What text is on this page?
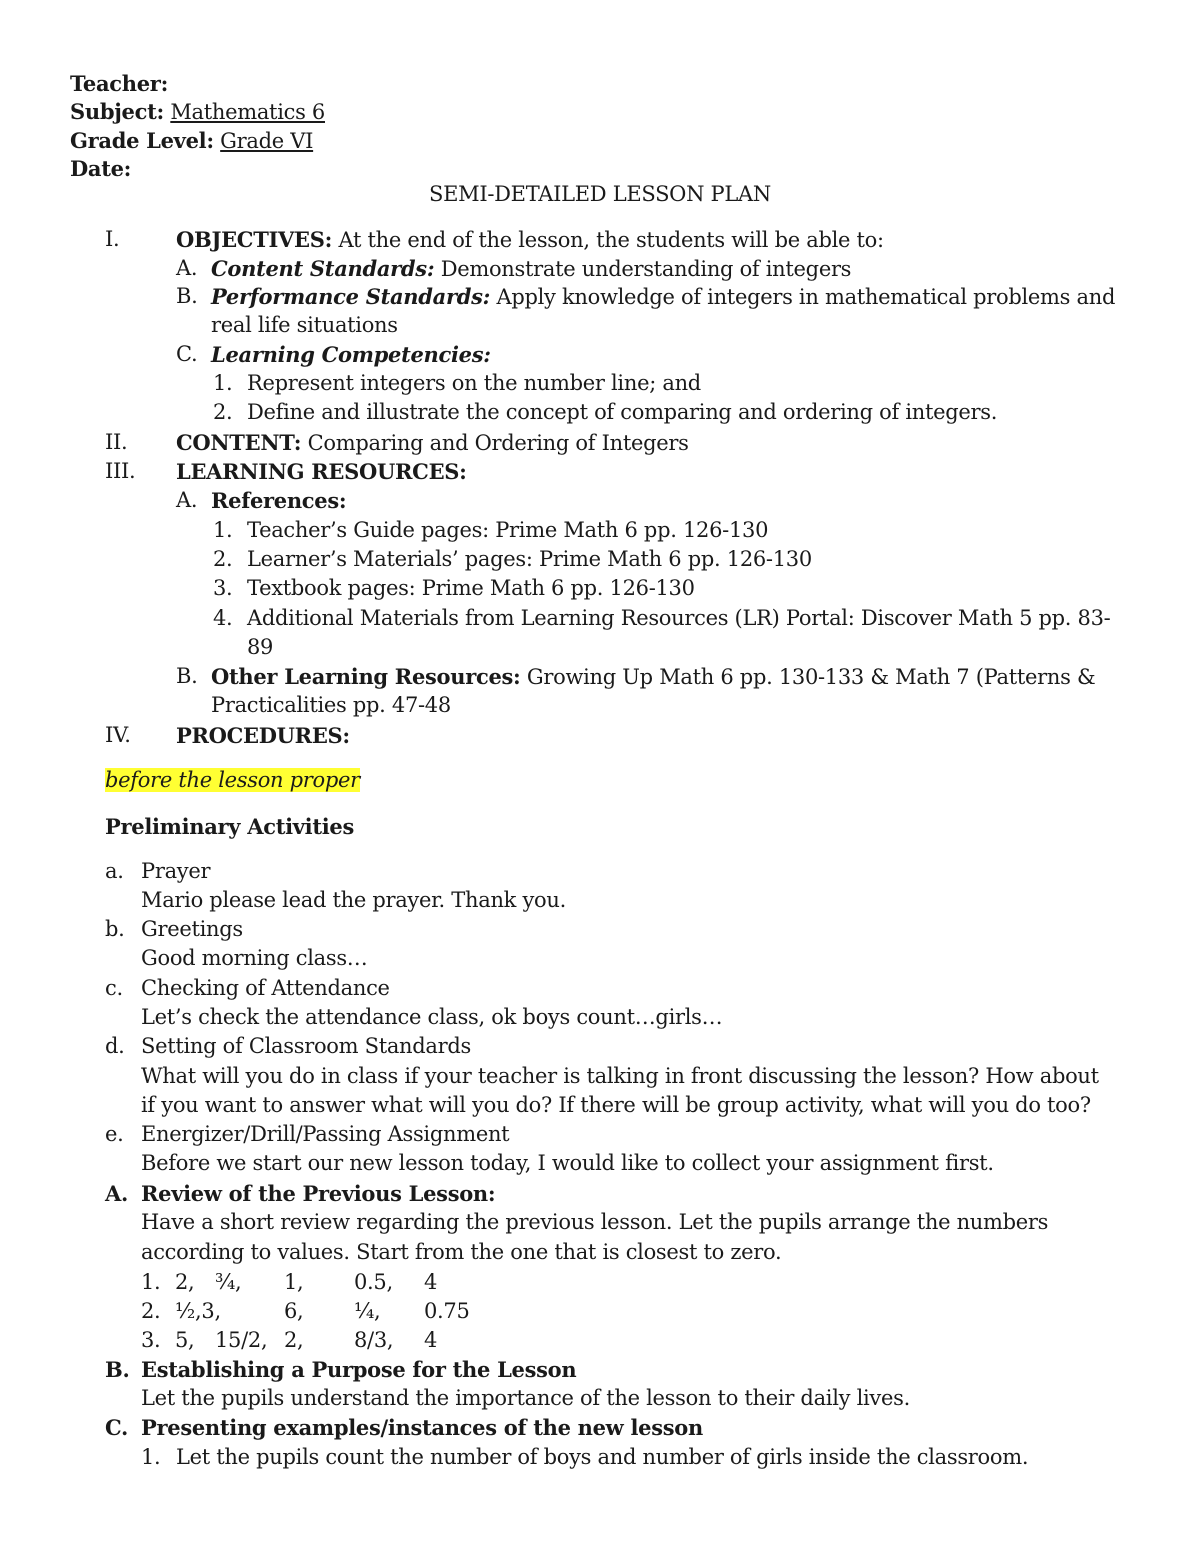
Teacher:
Subject: Mathematics 6
Grade Level: Grade VI
Date:
SEMI-DETAILED LESSON PLAN
I.	OBJECTIVES: At the end of the lesson, the students will be able to:
A. Content Standards: Demonstrate understanding of integers
B. Performance Standards: Apply knowledge of integers in mathematical problems and
real life situations
C. Learning Competencies:
1. Represent integers on the number line; and
2. Define and illustrate the concept of comparing and ordering of integers.
II. CONTENT: Comparing and Ordering of Integers
III. LEARNING RESOURCES:
A. References:
1. Teacher’s Guide pages: Prime Math 6 pp. 126-130
2. Learner’s Materials’ pages: Prime Math 6 pp. 126-130
3. Textbook pages: Prime Math 6 pp. 126-130
4. Additional Materials from Learning Resources (LR) Portal: Discover Math 5 pp. 83-
89
B. Other Learning Resources: Growing Up Math 6 pp. 130-133 & Math 7 (Patterns &
Practicalities pp. 47-48
IV. PROCEDURES:
before the lesson proper
Preliminary Activities
a. Prayer
Mario please lead the prayer. Thank you.
b. Greetings
Good morning class…
c. Checking of Attendance
Let’s check the attendance class, ok boys count…girls…
d. Setting of Classroom Standards
What will you do in class if your teacher is talking in front discussing the lesson? How about
if you want to answer what will you do? If there will be group activity, what will you do too?
e. Energizer/Drill/Passing Assignment
Before we start our new lesson today, I would like to collect your assignment first.
A. Review of the Previous Lesson:
Have a short review regarding the previous lesson. Let the pupils arrange the numbers
according to values. Start from the one that is closest to zero.
1. 2, ¾, 1, 0.5, 4
2. ½,3,	6, ¼, 0.75
3. 5, 15/2, 2, 8/3, 4
B. Establishing a Purpose for the Lesson
Let the pupils understand the importance of the lesson to their daily lives.
C. Presenting examples/instances of the new lesson
1. Let the pupils count the number of boys and number of girls inside the classroom.
